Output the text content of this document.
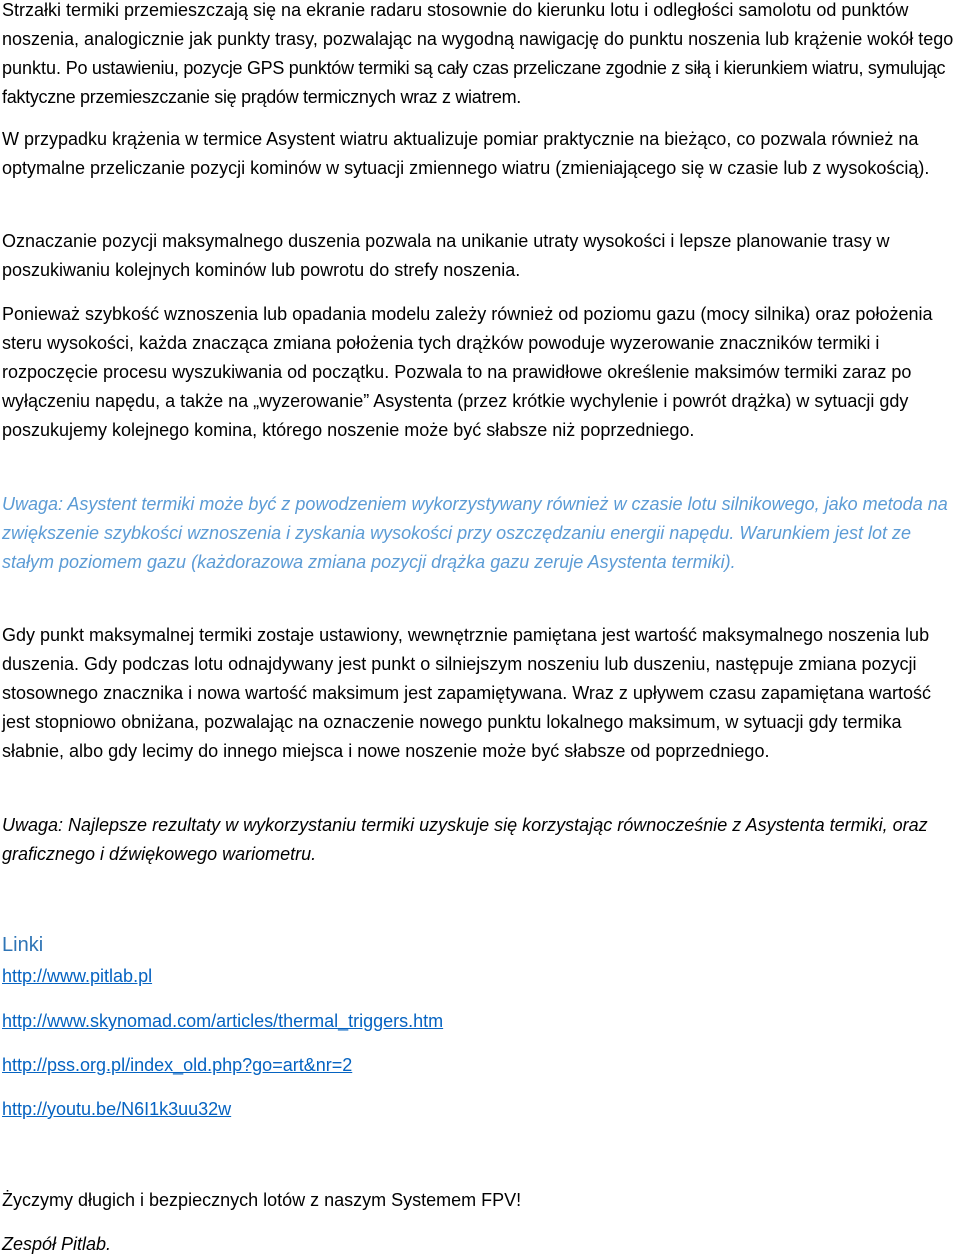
Strzałki termiki przemieszczają się na ekranie radaru stosownie do kierunku lotu i odległości samolotu od punktów noszenia, analogicznie jak punkty trasy, pozwalając na wygodną nawigację do punktu noszenia lub krążenie wokół tego punktu. Po ustawieniu, pozycje GPS punktów termiki są cały czas przeliczane zgodnie z siłą i kierunkiem wiatru, symulując faktyczne przemieszczanie się prądów termicznych wraz z wiatrem.

W przypadku krążenia w termice Asystent wiatru aktualizuje pomiar praktycznie na bieżąco, co pozwala również na optymalne przeliczanie pozycji kominów w sytuacji zmiennego wiatru (zmieniającego się w czasie lub z wysokością).

Oznaczanie pozycji maksymalnego duszenia pozwala na unikanie utraty wysokości i lepsze planowanie trasy w poszukiwaniu kolejnych kominów lub powrotu do strefy noszenia.

Ponieważ szybkość wznoszenia lub opadania modelu zależy również od poziomu gazu (mocy silnika) oraz położenia steru wysokości, każda znacząca zmiana położenia tych drążków powoduje wyzerowanie znaczników termiki i rozpoczęcie procesu wyszukiwania od początku. Pozwala to na prawidłowe określenie maksimów termiki zaraz po wyłączeniu napędu, a także na „wyzerowanie” Asystenta (przez krótkie wychylenie i powrót drążka) w sytuacji gdy poszukujemy kolejnego komina, którego noszenie może być słabsze niż poprzedniego.

Uwaga: Asystent termiki może być z powodzeniem wykorzystywany również w czasie lotu silnikowego, jako metoda na zwiększenie szybkości wznoszenia i zyskania wysokości przy oszczędzaniu energii napędu. Warunkiem jest lot ze stałym poziomem gazu (każdorazowa zmiana pozycji drążka gazu zeruje Asystenta termiki).

Gdy punkt maksymalnej termiki zostaje ustawiony, wewnętrznie pamiętana jest wartość maksymalnego noszenia lub duszenia. Gdy podczas lotu odnajdywany jest punkt o silniejszym noszeniu lub duszeniu, następuje zmiana pozycji stosownego znacznika i nowa wartość maksimum jest zapamiętywana. Wraz z upływem czasu zapamiętana wartość jest stopniowo obniżana, pozwalając na oznaczenie nowego punktu lokalnego maksimum, w sytuacji gdy termika słabnie, albo gdy lecimy do innego miejsca i nowe noszenie może być słabsze od poprzedniego.

Uwaga: Najlepsze rezultaty w wykorzystaniu termiki uzyskuje się korzystając równocześnie z Asystenta termiki, oraz graficznego i dźwiękowego wariometru.

Linki

http://www.pitlab.pl
http://www.skynomad.com/articles/thermal_triggers.htm
http://pss.org.pl/index_old.php?go=art&nr=2
http://youtu.be/N6I1k3uu32w

Życzymy długich i bezpiecznych lotów z naszym Systemem FPV!

Zespół Pitlab.
